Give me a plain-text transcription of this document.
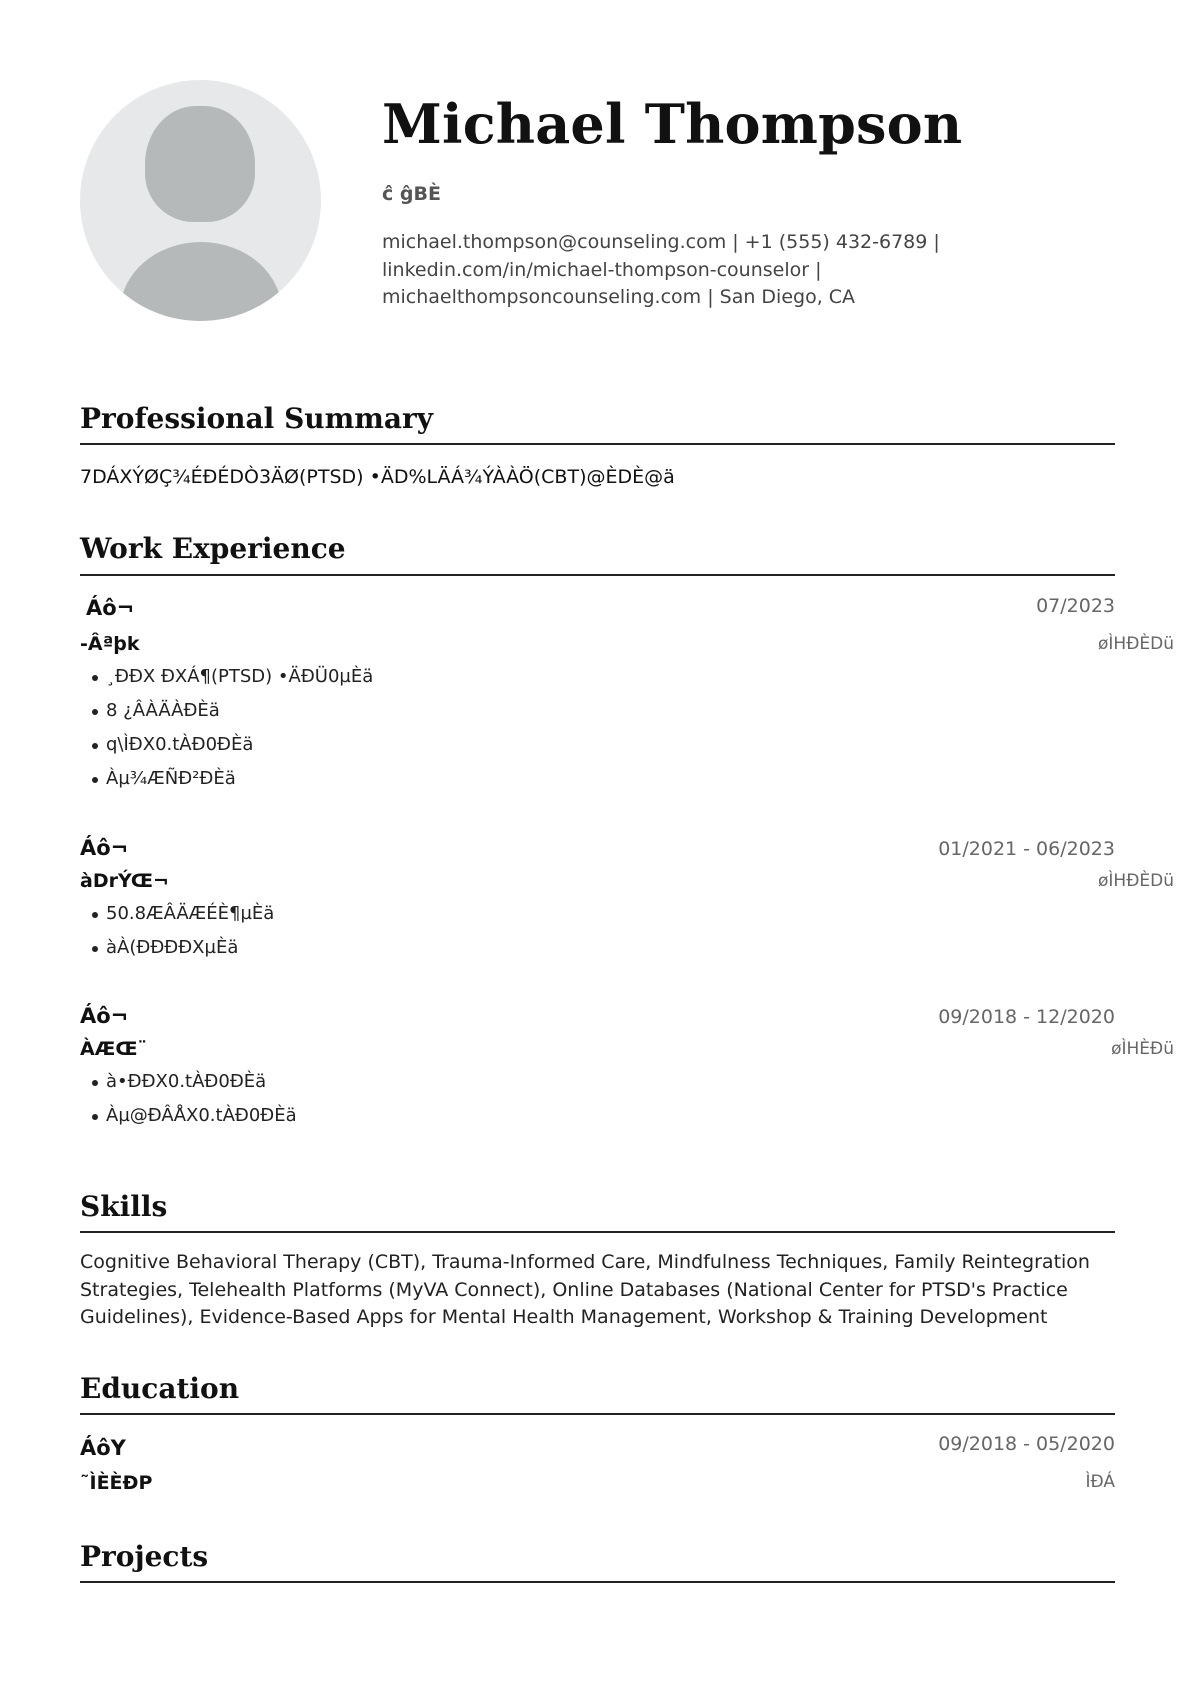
Michael Thompson
ĉ ĝBÈ
michael.thompson@counseling.com | +1 (555) 432-6789 | linkedin.com/in/michael-thompson-counselor | michaelthompsoncounseling.com | San Diego, CA
Professional Summary
7DÁXÝØÇ¾ÉÐÉDÒ3ÄØ(PTSD) •ÄD%LÄÁ¾ÝÀÀÖ(CBT)@ÈDÈ@ä
Work Experience
Áô¬	07/2023
-Âªþk	øÌHÐÈDü
¸ÐÐX ÐXÁ¶(PTSD) •ÄÐÜ0µÈä
8 ¿ÂÀÄÀÐÈä
q\ÌÐX0.tÀÐ0ÐÈä
Àµ¾ÆÑÐ²ÐÈä
Áô¬	01/2021 - 06/2023
àDrÝŒ¬	øÌHÐÈDü
50.8ÆÂÄÆÉÈ¶µÈä
àÀ(ÐÐÐÐXµÈä
Áô¬	09/2018 - 12/2020
ÀÆŒ¨	øÌHÈÐü
à•ÐÐX0.tÀÐ0ÐÈä
Àµ@ÐÂÅX0.tÀÐ0ÐÈä
Skills
Cognitive Behavioral Therapy (CBT), Trauma-Informed Care, Mindfulness Techniques, Family Reintegration Strategies, Telehealth Platforms (MyVA Connect), Online Databases (National Center for PTSD's Practice Guidelines), Evidence-Based Apps for Mental Health Management, Workshop & Training Development
Education
ÁôY	09/2018 - 05/2020
˜ÌÈÈÐP	ÌÐÁ
Projects
